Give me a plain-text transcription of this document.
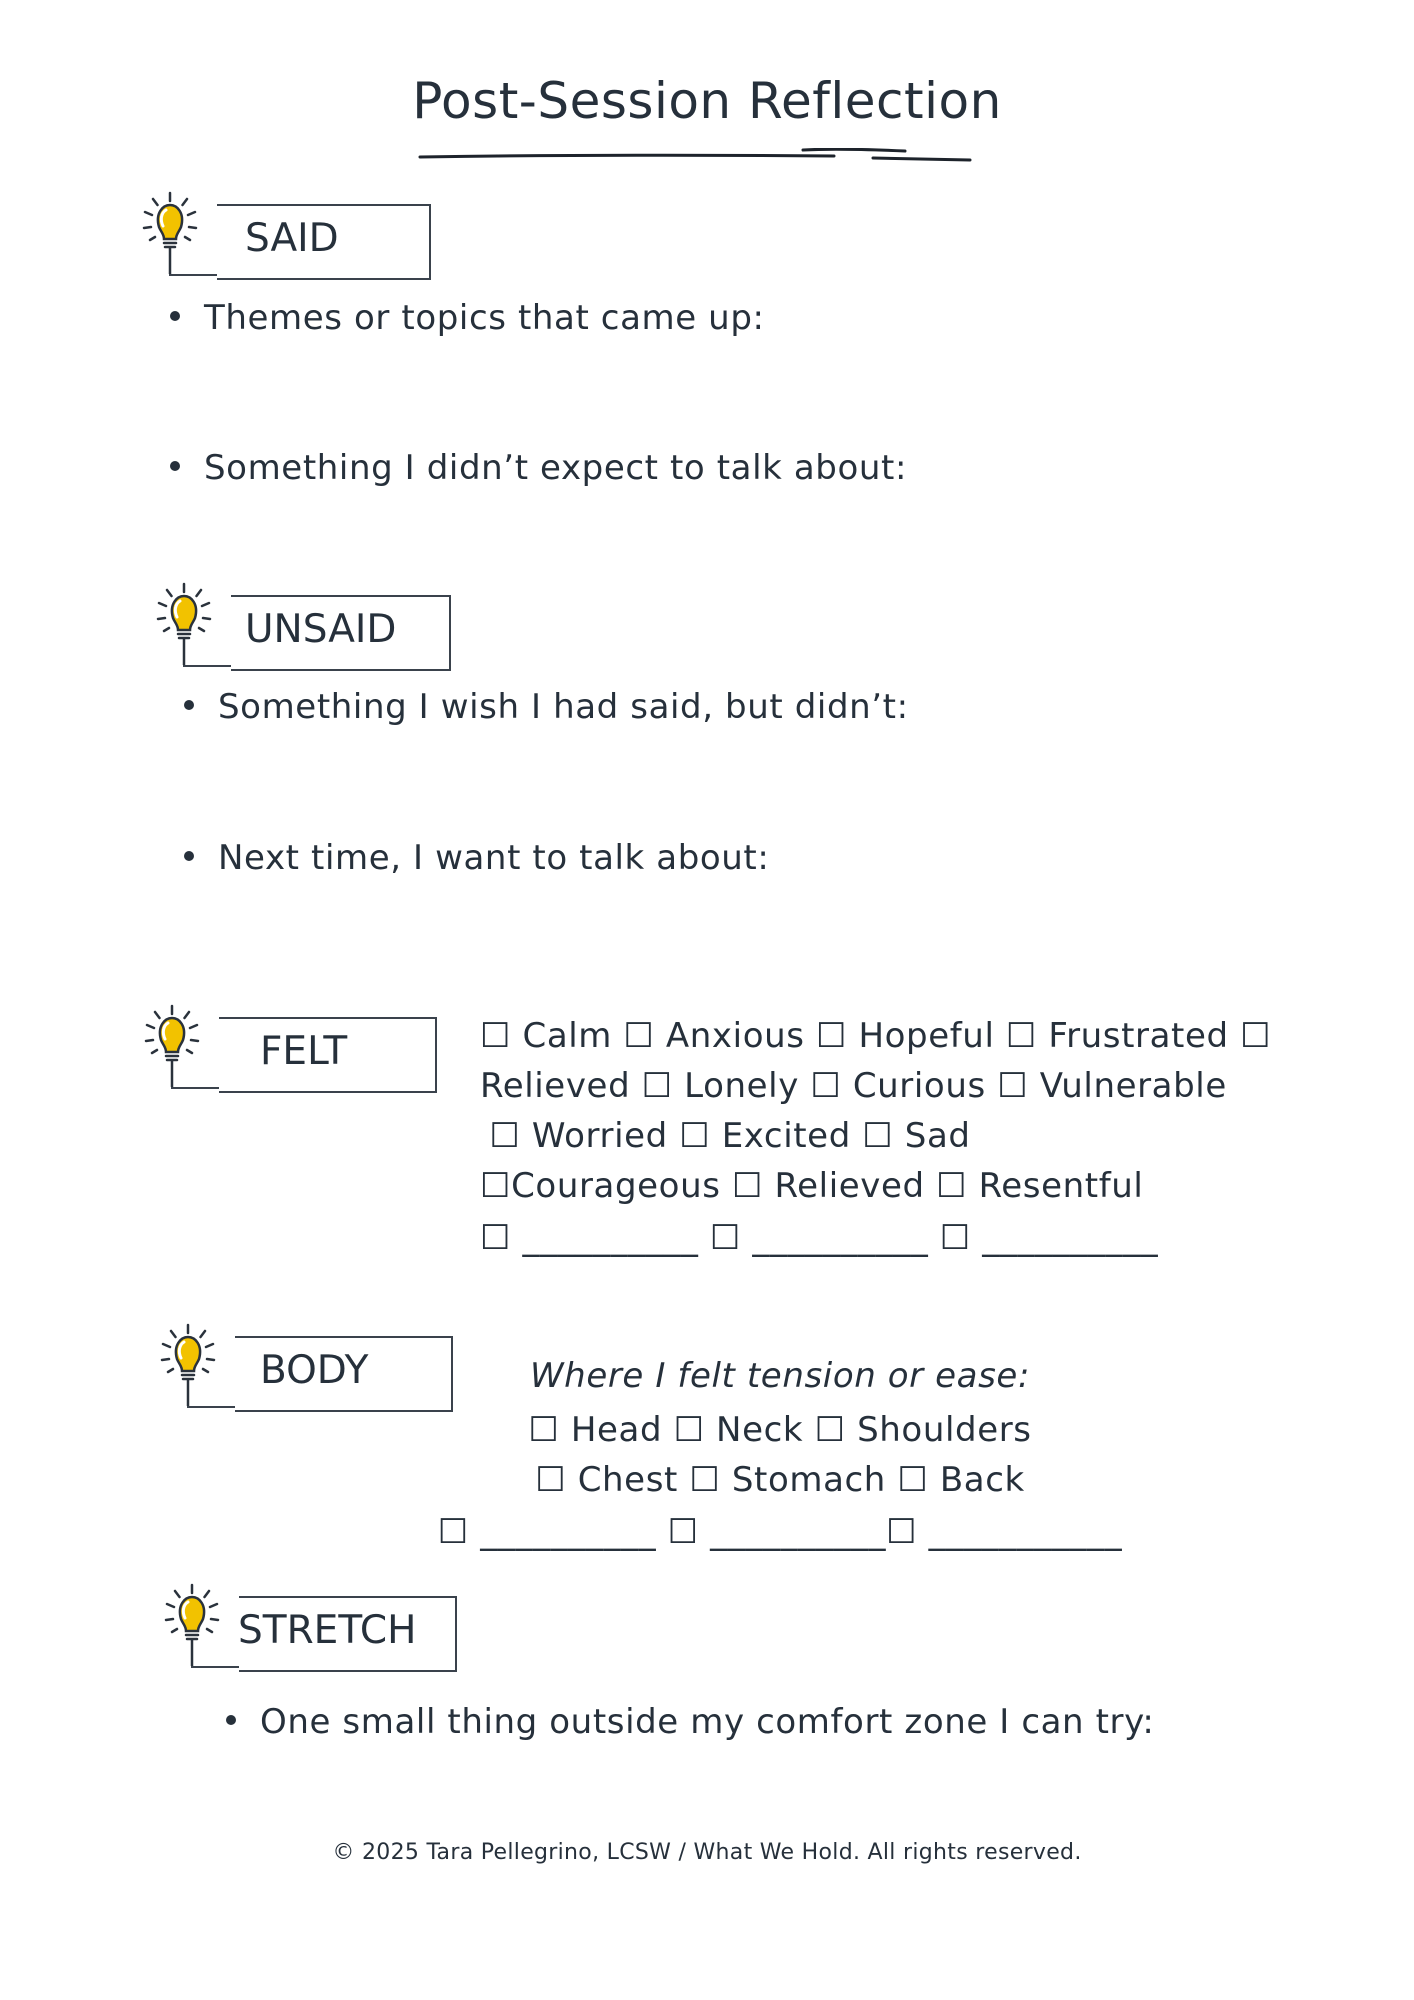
Post-Session Reflection
SAID
Themes or topics that came up:
Something I didn’t expect to talk about:
UNSAID
Something I wish I had said, but didn’t:
Next time, I want to talk about:
FELT	☐ Calm ☐ Anxious ☐ Hopeful ☐ Frustrated ☐
Relieved ☐ Lonely ☐ Curious ☐ Vulnerable
☐ Worried ☐ Excited ☐ Sad
☐Courageous ☐ Relieved ☐ Resentful
☐ __________ ☐ __________ ☐ __________
BODY	Where I felt tension or ease:
☐ Head ☐ Neck ☐ Shoulders
☐ Chest ☐ Stomach ☐ Back
☐ __________ ☐ __________☐ ___________
STRETCH
One small thing outside my comfort zone I can try:
© 2025 Tara Pellegrino, LCSW / What We Hold. All rights reserved.
